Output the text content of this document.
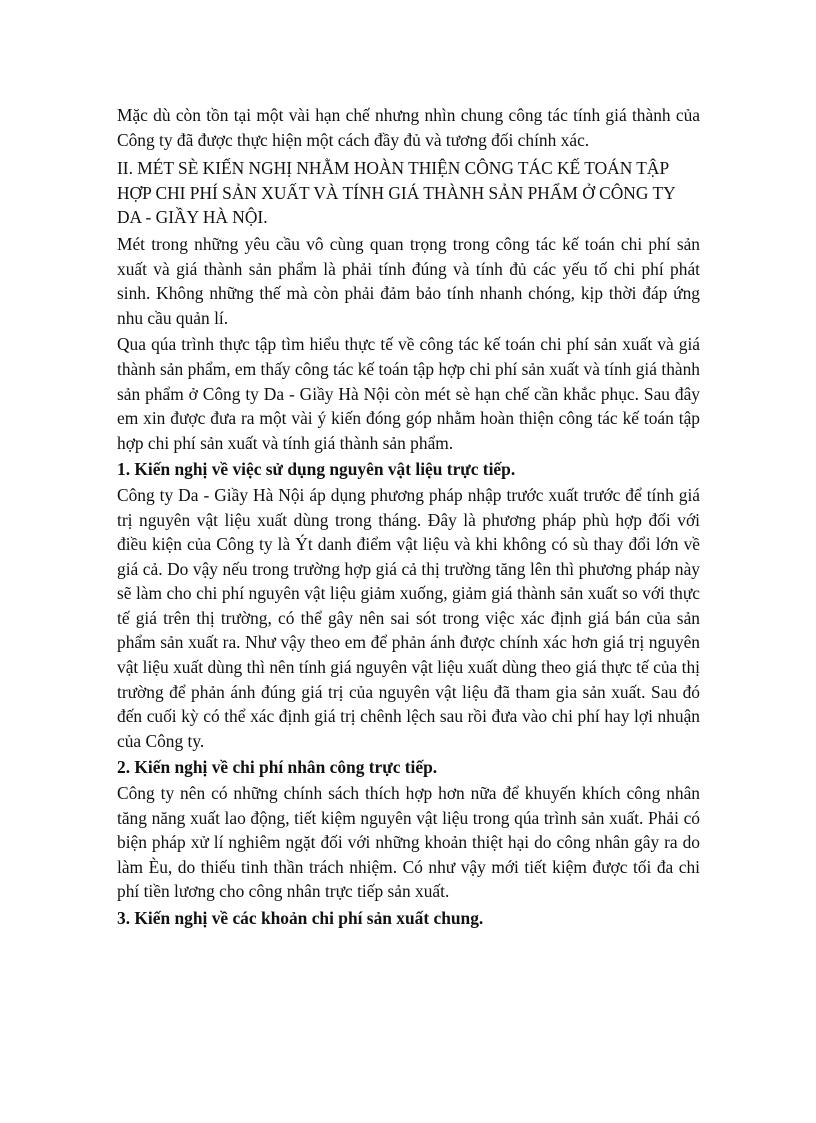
Mặc dù còn tồn tại một vài hạn chế nhưng nhìn chung công tác tính giá thành của Công ty đã được thực hiện một cách đầy đủ và tương đối chính xác.

II. MÉT SÈ KIẾN NGHỊ NHẰM HOÀN THIỆN CÔNG TÁC KẾ TOÁN TẬP HỢP CHI PHÍ SẢN XUẤT VÀ TÍNH GIÁ THÀNH SẢN PHẨM Ở CÔNG TY DA - GIẦY HÀ NỘI.

Mét trong những yêu cầu vô cùng quan trọng trong công tác kế toán chi phí sản xuất và giá thành sản phẩm là phải tính đúng và tính đủ các yếu tố chi phí phát sinh. Không những thế mà còn phải đảm bảo tính nhanh chóng, kịp thời đáp ứng nhu cầu quản lí.

Qua qúa trình thực tập tìm hiểu thực tế về công tác kế toán chi phí sản xuất và giá thành sản phẩm, em thấy công tác kế toán tập hợp chi phí sản xuất và tính giá thành sản phẩm ở Công ty Da - Giầy Hà Nội còn mét sè hạn chế cần khắc phục. Sau đây em xin được đưa ra một vài ý kiến đóng góp nhằm hoàn thiện công tác kế toán tập hợp chi phí sản xuất và tính giá thành sản phẩm.

1. Kiến nghị về việc sử dụng nguyên vật liệu trực tiếp.

Công ty Da - Giầy Hà Nội áp dụng phương pháp nhập trước xuất trước để tính giá trị nguyên vật liệu xuất dùng trong tháng. Đây là phương pháp phù hợp đối với điều kiện của Công ty là Ýt danh điểm vật liệu và khi không có sù thay đổi lớn về giá cả. Do vậy nếu trong trường hợp giá cả thị trường tăng lên thì phương pháp này sẽ làm cho chi phí nguyên vật liệu giảm xuống, giảm giá thành sản xuất so với thực tế giá trên thị trường, có thể gây nên sai sót trong việc xác định giá bán của sản phẩm sản xuất ra. Như vậy theo em để phản ánh được chính xác hơn giá trị nguyên vật liệu xuất dùng thì nên tính giá nguyên vật liệu xuất dùng theo giá thực tế của thị trường để phản ánh đúng giá trị của nguyên vật liệu đã tham gia sản xuất. Sau đó đến cuối kỳ có thể xác định giá trị chênh lệch sau rồi đưa vào chi phí hay lợi nhuận của Công ty.

2. Kiến nghị về chi phí nhân công trực tiếp.

Công ty nên có những chính sách thích hợp hơn nữa để khuyến khích công nhân tăng năng xuất lao động, tiết kiệm nguyên vật liệu trong qúa trình sản xuất. Phải có biện pháp xử lí nghiêm ngặt đối với những khoản thiệt hại do công nhân gây ra do làm Èu, do thiếu tinh thần trách nhiệm. Có như vậy mới tiết kiệm được tối đa chi phí tiền lương cho công nhân trực tiếp sản xuất.

3. Kiến nghị về các khoản chi phí sản xuất chung.
